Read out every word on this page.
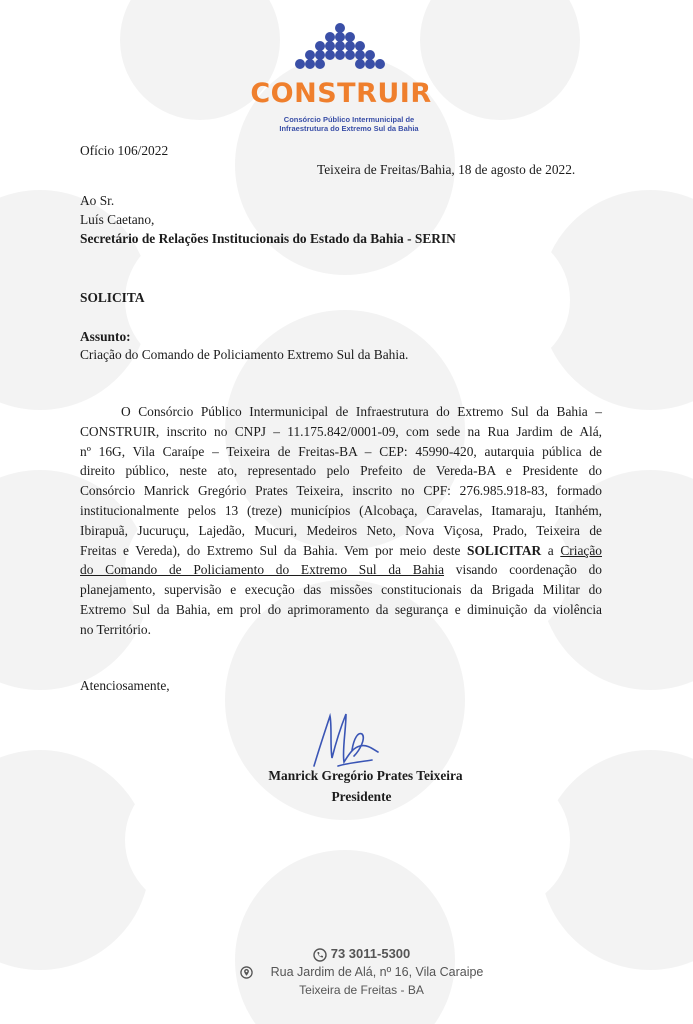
CONSTRUIR
Consórcio Público Intermunicipal de
Infraestrutura do Extremo Sul da Bahia
Ofício 106/2022
Teixeira de Freitas/Bahia, 18 de agosto de 2022.
Ao Sr.
Luís Caetano,
Secretário de Relações Institucionais do Estado da Bahia - SERIN
SOLICITA
Assunto:
Criação do Comando de Policiamento Extremo Sul da Bahia.
O Consórcio Público Intermunicipal de Infraestrutura do Extremo Sul da Bahia –
CONSTRUIR, inscrito no CNPJ – 11.175.842/0001-09, com sede na Rua Jardim de Alá,
nº 16G, Vila Caraípe – Teixeira de Freitas-BA – CEP: 45990-420, autarquia pública de
direito público, neste ato, representado pelo Prefeito de Vereda-BA e Presidente do
Consórcio Manrick Gregório Prates Teixeira, inscrito no CPF: 276.985.918-83, formado
institucionalmente pelos 13 (treze) municípios (Alcobaça, Caravelas, Itamaraju, Itanhém,
Ibirapuã, Jucuruçu, Lajedão, Mucuri, Medeiros Neto, Nova Viçosa, Prado, Teixeira de
Freitas e Vereda), do Extremo Sul da Bahia. Vem por meio deste SOLICITAR a Criação
do Comando de Policiamento do Extremo Sul da Bahia visando coordenação do
planejamento, supervisão e execução das missões constitucionais da Brigada Militar do
Extremo Sul da Bahia, em prol do aprimoramento da segurança e diminuição da violência
no Território.
Atenciosamente,
Manrick Gregório Prates Teixeira
Presidente
73 3011-5300
Rua Jardim de Alá, nº 16, Vila Caraipe
Teixeira de Freitas - BA
